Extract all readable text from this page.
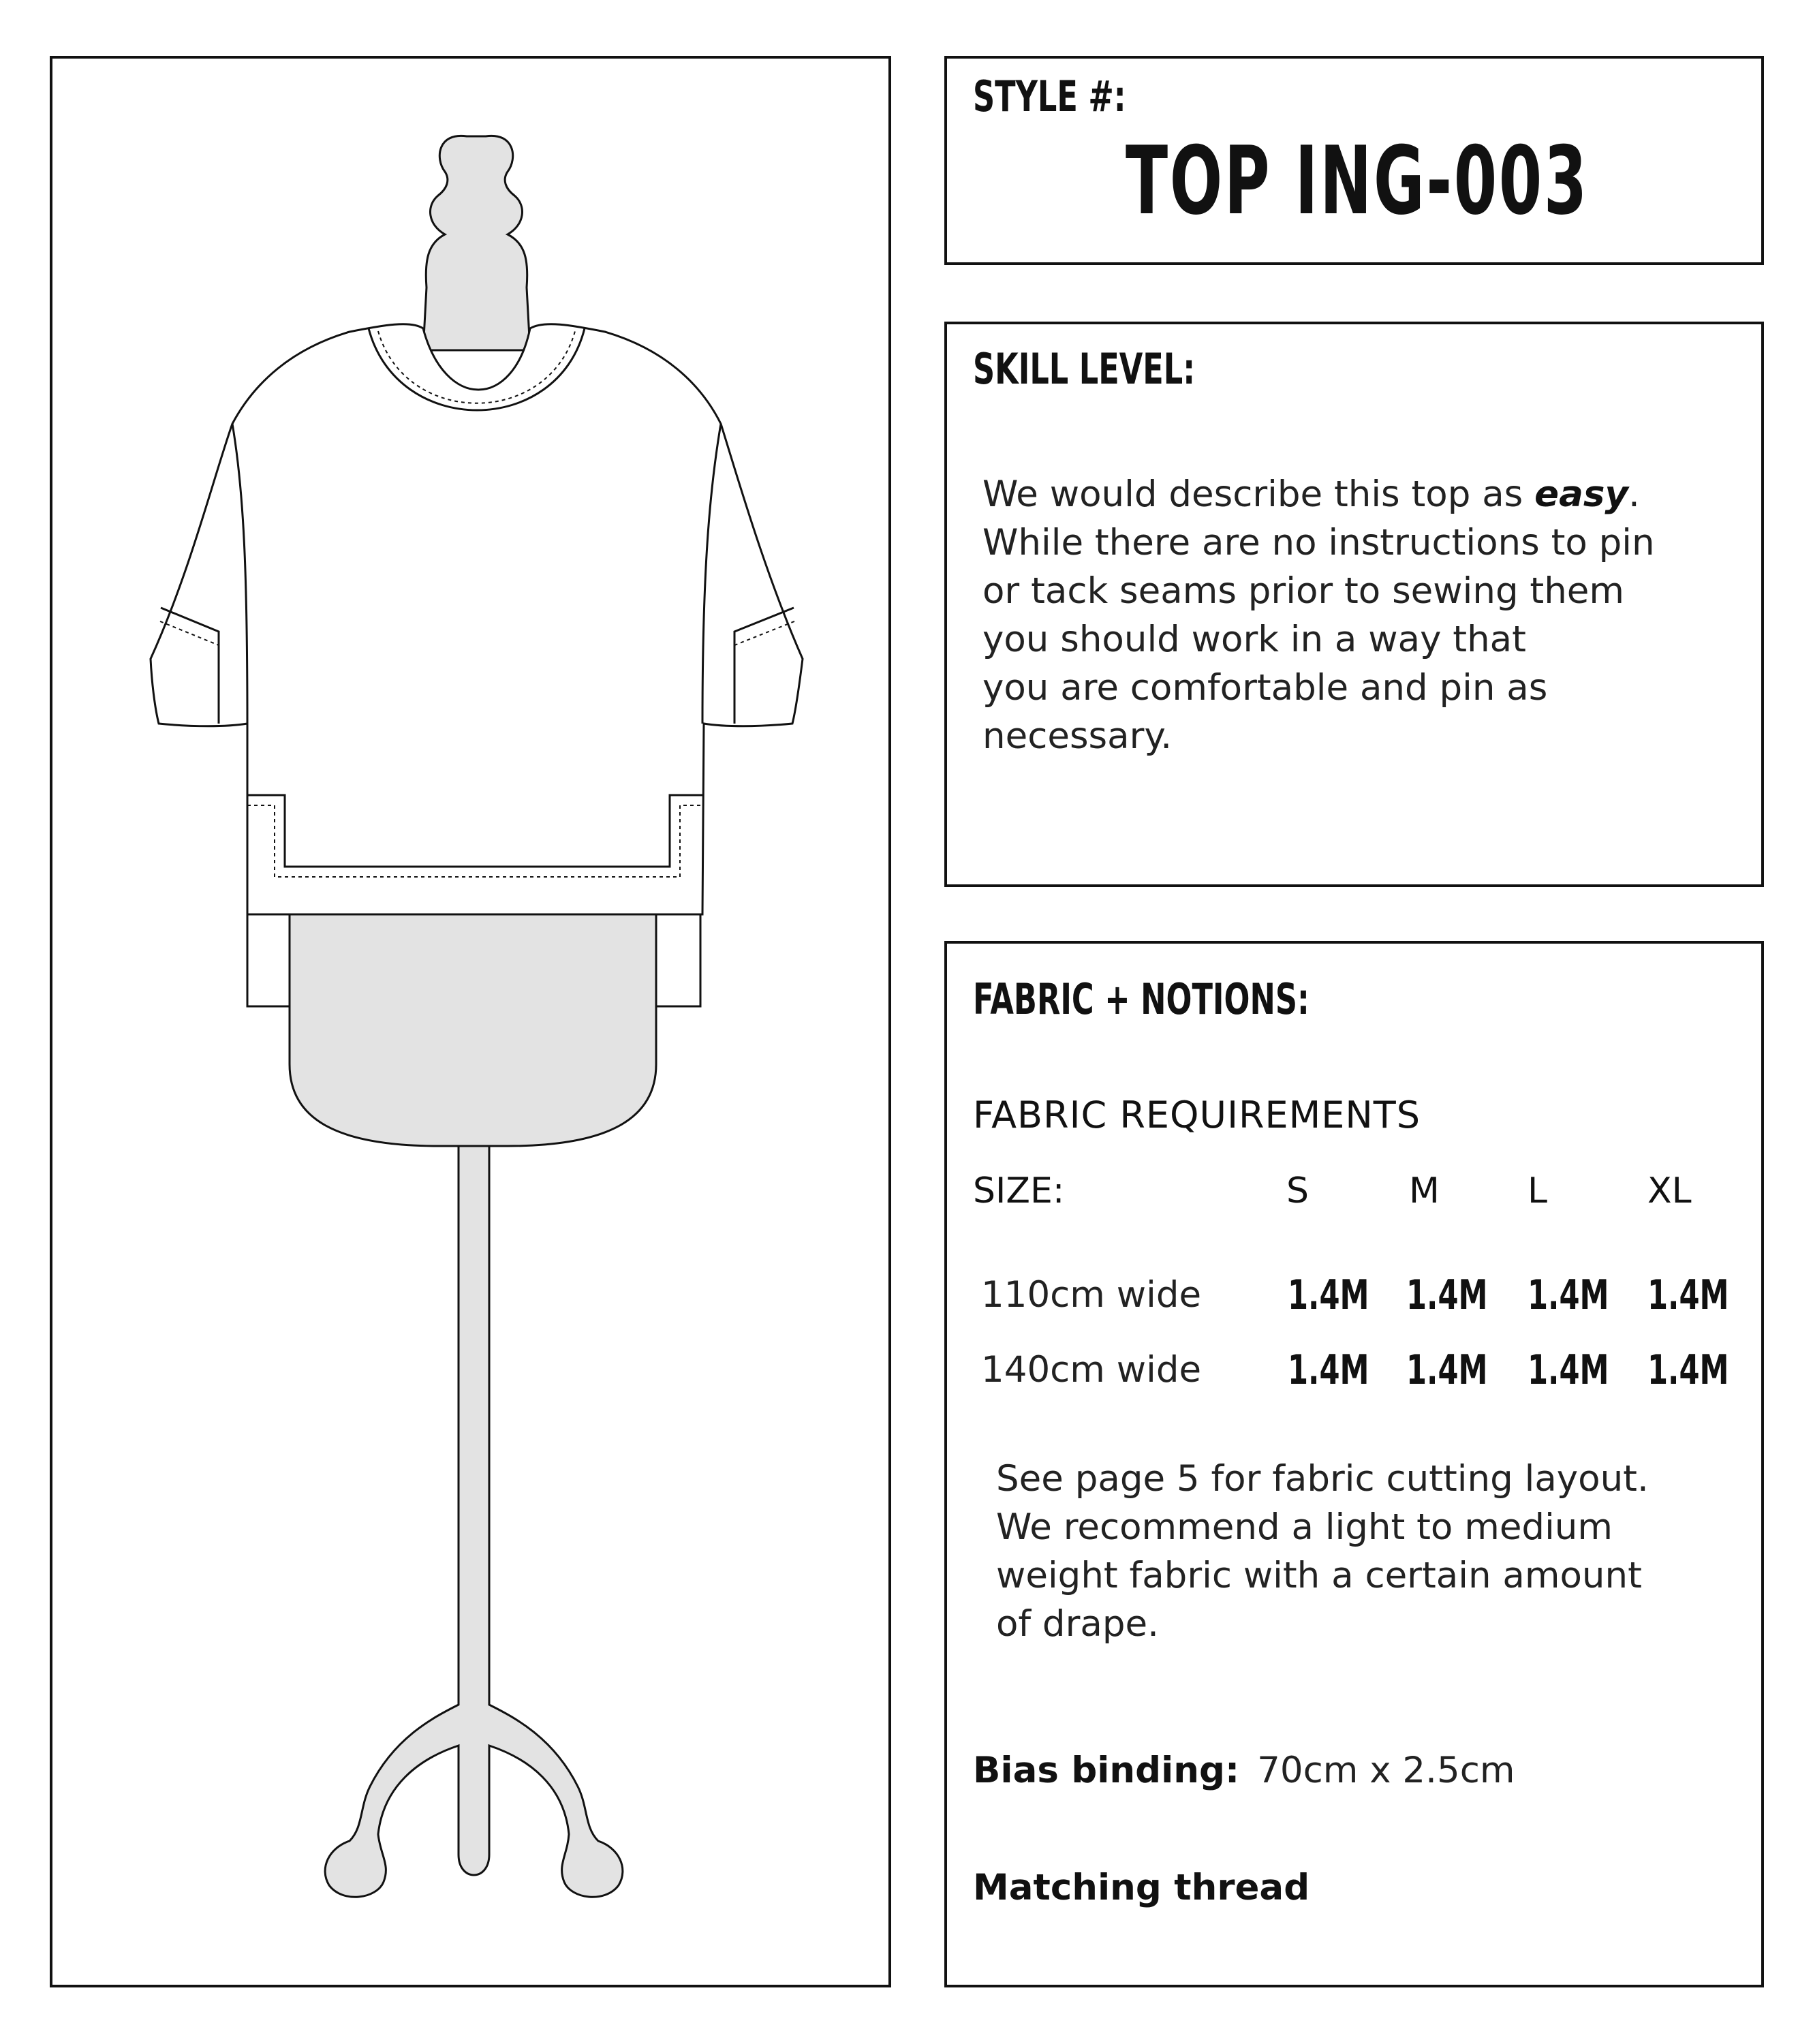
STYLE #:
TOP ING-003
SKILL LEVEL:
We would describe this top as easy.
While there are no instructions to pin
or tack seams prior to sewing them
you should work in a way that
you are comfortable and pin as
necessary.
FABRIC + NOTIONS:
FABRIC REQUIREMENTS
SIZE:	S	M L	XL
110cm wide 1.4M 1.4M 1.4M 1.4M
140cm wide 1.4M 1.4M 1.4M 1.4M
See page 5 for fabric cutting layout.
We recommend a light to medium
weight fabric with a certain amount
of drape.
Bias binding: 70cm x 2.5cm
Matching thread
